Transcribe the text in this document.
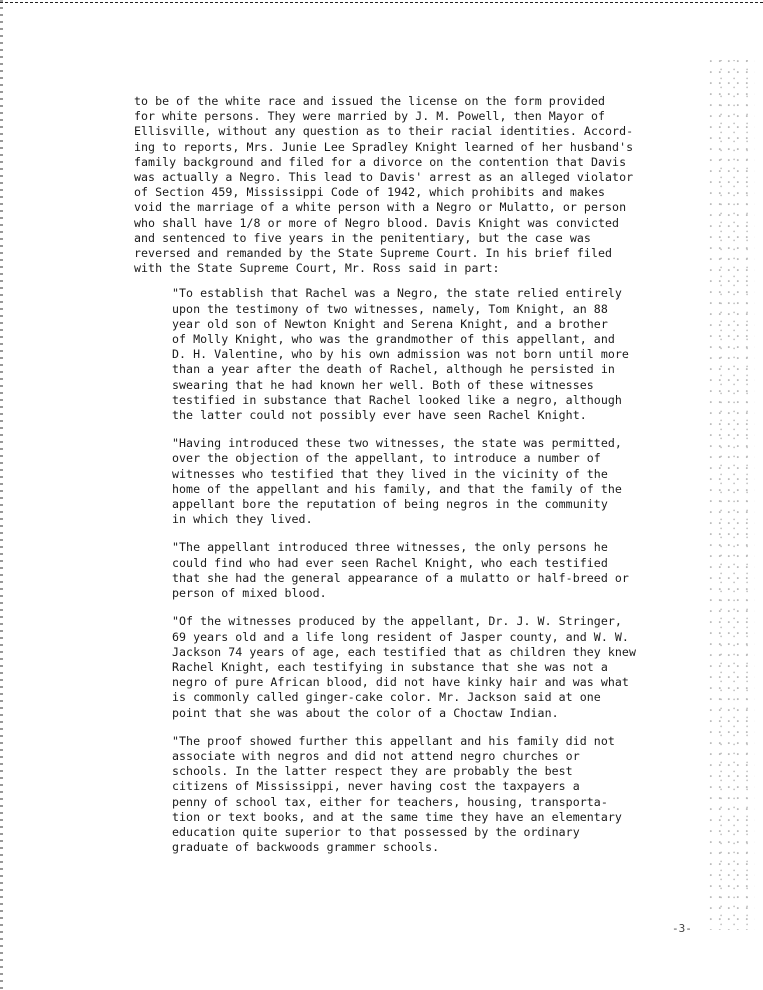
to be of the white race and issued the license on the form provided
for white persons. They were married by J. M. Powell, then Mayor of
Ellisville, without any question as to their racial identities. Accord-
ing to reports, Mrs. Junie Lee Spradley Knight learned of her husband's
family background and filed for a divorce on the contention that Davis
was actually a Negro. This lead to Davis' arrest as an alleged violator
of Section 459, Mississippi Code of 1942, which prohibits and makes
void the marriage of a white person with a Negro or Mulatto, or person
who shall have 1/8 or more of Negro blood. Davis Knight was convicted
and sentenced to five years in the penitentiary, but the case was
reversed and remanded by the State Supreme Court. In his brief filed
with the State Supreme Court, Mr. Ross said in part:
"To establish that Rachel was a Negro, the state relied entirely
upon the testimony of two witnesses, namely, Tom Knight, an 88
year old son of Newton Knight and Serena Knight, and a brother
of Molly Knight, who was the grandmother of this appellant, and
D. H. Valentine, who by his own admission was not born until more
than a year after the death of Rachel, although he persisted in
swearing that he had known her well. Both of these witnesses
testified in substance that Rachel looked like a negro, although
the latter could not possibly ever have seen Rachel Knight.
"Having introduced these two witnesses, the state was permitted,
over the objection of the appellant, to introduce a number of
witnesses who testified that they lived in the vicinity of the
home of the appellant and his family, and that the family of the
appellant bore the reputation of being negros in the community
in which they lived.
"The appellant introduced three witnesses, the only persons he
could find who had ever seen Rachel Knight, who each testified
that she had the general appearance of a mulatto or half-breed or
person of mixed blood.
"Of the witnesses produced by the appellant, Dr. J. W. Stringer,
69 years old and a life long resident of Jasper county, and W. W.
Jackson 74 years of age, each testified that as children they knew
Rachel Knight, each testifying in substance that she was not a
negro of pure African blood, did not have kinky hair and was what
is commonly called ginger-cake color. Mr. Jackson said at one
point that she was about the color of a Choctaw Indian.
"The proof showed further this appellant and his family did not
associate with negros and did not attend negro churches or
schools. In the latter respect they are probably the best
citizens of Mississippi, never having cost the taxpayers a
penny of school tax, either for teachers, housing, transporta-
tion or text books, and at the same time they have an elementary
education quite superior to that possessed by the ordinary
graduate of backwoods grammer schools.
-3-
